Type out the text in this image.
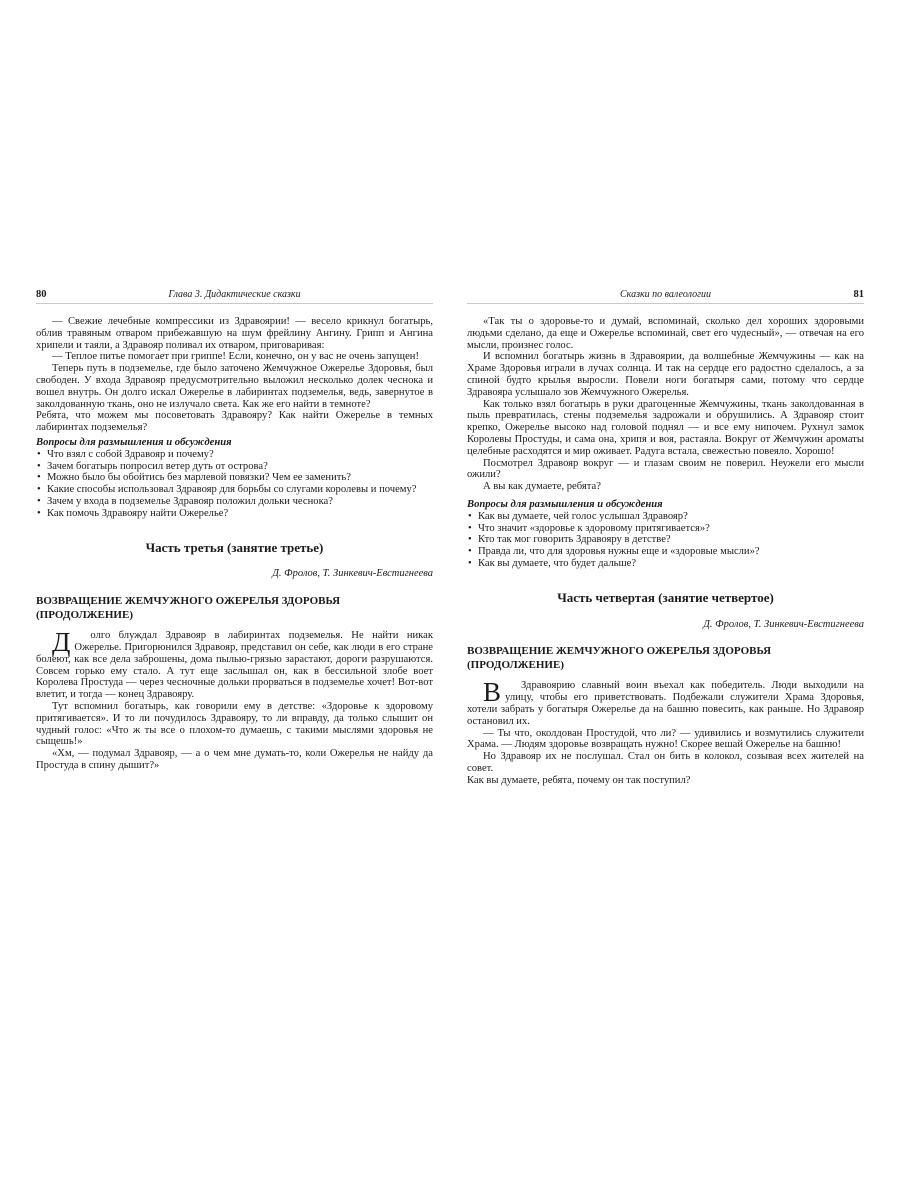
80	Глава 3. Дидактические сказки

— Свежие лечебные компрессики из Здравоярии! — весело крикнул богатырь, облив травяным отваром прибежавшую на шум фрейлину Ангину. Грипп и Ангина хрипели и таяли, а Здравояр поливал их отваром, приговаривая:

— Теплое питье помогает при гриппе! Если, конечно, он у вас не очень запущен!

Теперь путь в подземелье, где было заточено Жемчужное Ожерелье Здоровья, был свободен. У входа Здравояр предусмотрительно выложил несколько долек чеснока и вошел внутрь. Он долго искал Ожерелье в лабиринтах подземелья, ведь, завернутое в заколдованную ткань, оно не излучало света. Как же его найти в темноте?

Ребята, что можем мы посоветовать Здравояру? Как найти Ожерелье в темных лабиринтах подземелья?

Вопросы для размышления и обсуждения
• Что взял с собой Здравояр и почему?
• Зачем богатырь попросил ветер дуть от острова?
• Можно было бы обойтись без марлевой повязки? Чем ее заменить?
• Какие способы использовал Здравояр для борьбы со слугами королевы и почему?
• Зачем у входа в подземелье Здравояр положил дольки чеснока?
• Как помочь Здравояру найти Ожерелье?
Часть третья (занятие третье)
Д. Фролов, Т. Зинкевич-Евстигнеева
ВОЗВРАЩЕНИЕ ЖЕМЧУЖНОГО ОЖЕРЕЛЬЯ ЗДОРОВЬЯ (ПРОДОЛЖЕНИЕ)

Д	олго блуждал Здравояр в лабиринтах подземелья. Не найти никак Ожерелье. Пригорюнился Здравояр, представил он себе, как люди в его стране болеют, как все дела заброшены, дома пылью-грязью зарастают, дороги разрушаются. Совсем горько ему стало. А тут еще заслышал он, как в бессильной злобе воет Королева Простуда — через чесночные дольки прорваться в подземелье хочет! Вот-вот влетит, и тогда — конец Здравояру.

Тут вспомнил богатырь, как говорили ему в детстве: «Здоровье к здоровому притягивается». И то ли почудилось Здравояру, то ли вправду, да только слышит он чудный голос: «Что ж ты все о плохом-то думаешь, с такими мыслями здоровья не сыщешь!»

«Хм, — подумал Здравояр, — а о чем мне думать-то, коли Ожерелья не найду да Простуда в спину дышит?»

Сказки по валеологии	81

«Так ты о здоровье-то и думай, вспоминай, сколько дел хороших здоровыми людьми сделано, да еще и Ожерелье вспоминай, свет его чудесный», — отвечая на его мысли, произнес голос.

И вспомнил богатырь жизнь в Здравоярии, да волшебные Жемчужины — как на Храме Здоровья играли в лучах солнца. И так на сердце его радостно сделалось, а за спиной будто крылья выросли. Повели ноги богатыря сами, потому что сердце Здравояра услышало зов Жемчужного Ожерелья.

Как только взял богатырь в руки драгоценные Жемчужины, ткань заколдованная в пыль превратилась, стены подземелья задрожали и обрушились. А Здравояр стоит крепко, Ожерелье высоко над головой поднял — и все ему нипочем. Рухнул замок Королевы Простуды, и сама она, хрипя и воя, растаяла. Вокруг от Жемчужин ароматы целебные расходятся и мир оживает. Радуга встала, свежестью повеяло. Хорошо!

Посмотрел Здравояр вокруг — и глазам своим не поверил. Неужели его мысли ожили?

А вы как думаете, ребята?

Вопросы для размышления и обсуждения
• Как вы думаете, чей голос услышал Здравояр?
• Что значит «здоровье к здоровому притягивается»?
• Кто так мог говорить Здравояру в детстве?
• Правда ли, что для здоровья нужны еще и «здоровые мысли»?
• Как вы думаете, что будет дальше?
Часть четвертая (занятие четвертое)
Д. Фролов, Т. Зинкевич-Евстигнеева
ВОЗВРАЩЕНИЕ ЖЕМЧУЖНОГО ОЖЕРЕЛЬЯ ЗДОРОВЬЯ (ПРОДОЛЖЕНИЕ)

В	Здравоярию славный воин въехал как победитель. Люди выходили на улицу, чтобы его приветствовать. Подбежали служители Храма Здоровья, хотели забрать у богатыря Ожерелье да на башню повесить, как раньше. Но Здравояр остановил их.

— Ты что, околдован Простудой, что ли? — удивились и возмутились служители Храма. — Людям здоровье возвращать нужно! Скорее вешай Ожерелье на башню!

Но Здравояр их не послушал. Стал он бить в колокол, созывая всех жителей на совет.

Как вы думаете, ребята, почему он так поступил?
